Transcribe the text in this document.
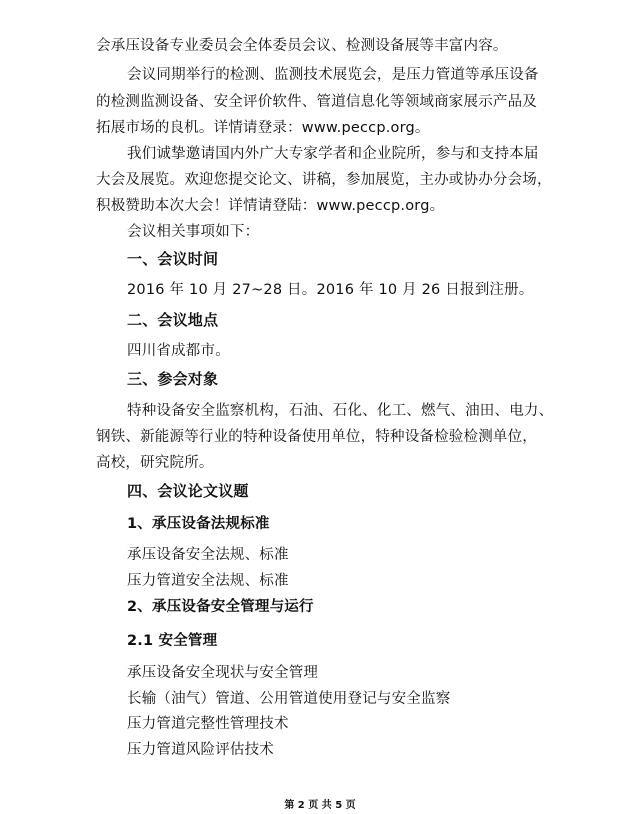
会承压设备专业委员会全体委员会议、检测设备展等丰富内容。
会议同期举行的检测、监测技术展览会，是压力管道等承压设备
的检测监测设备、安全评价软件、管道信息化等领域商家展示产品及
拓展市场的良机。详情请登录：www.peccp.org。
我们诚挚邀请国内外广大专家学者和企业院所，参与和支持本届
大会及展览。欢迎您提交论文、讲稿，参加展览，主办或协办分会场，
积极赞助本次大会！详情请登陆：www.peccp.org。
会议相关事项如下：
一、会议时间
2016 年 10 月 27~28 日。2016 年 10 月 26 日报到注册。
二、会议地点
四川省成都市。
三、参会对象
特种设备安全监察机构，石油、石化、化工、燃气、油田、电力、
钢铁、新能源等行业的特种设备使用单位，特种设备检验检测单位，
高校，研究院所。
四、会议论文议题
1、承压设备法规标准
承压设备安全法规、标准
压力管道安全法规、标准
2、承压设备安全管理与运行
2.1 安全管理
承压设备安全现状与安全管理
长输（油气）管道、公用管道使用登记与安全监察
压力管道完整性管理技术
压力管道风险评估技术
第 2 页 共 5 页
